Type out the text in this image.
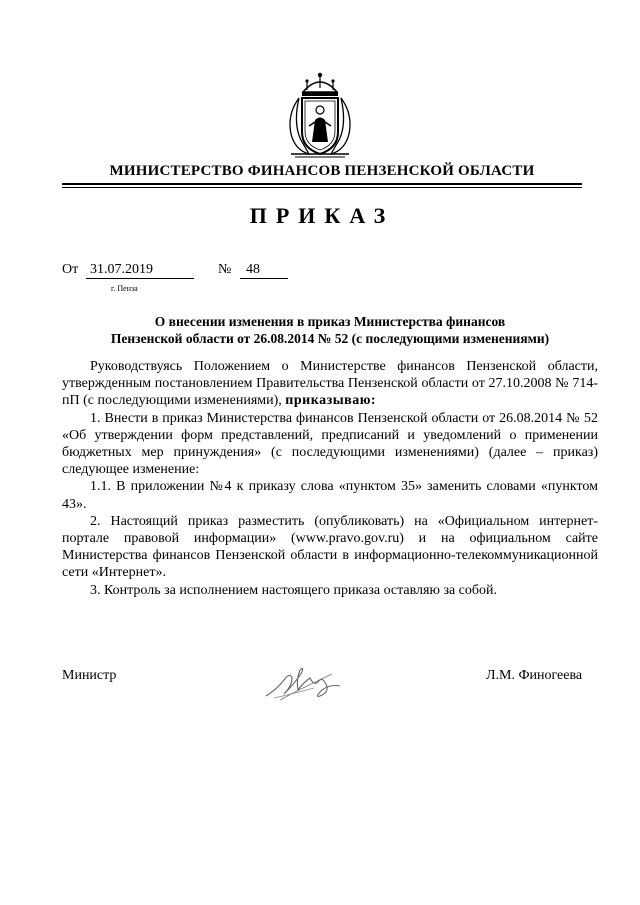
МИНИСТЕРСТВО ФИНАНСОВ ПЕНЗЕНСКОЙ ОБЛАСТИ
ПРИКАЗ
От 31.07.2019	№	48
г. Пенза
О внесении изменения в приказ Министерства финансов
Пензенской области от 26.08.2014 № 52 (с последующими изменениями)

Руководствуясь Положением о Министерстве финансов Пензенской области, утвержденным постановлением Правительства Пензенской области от 27.10.2008 № 714-пП (с последующими изменениями), приказываю:

1. Внести в приказ Министерства финансов Пензенской области от 26.08.2014 № 52 «Об утверждении форм представлений, предписаний и уведомлений о применении бюджетных мер принуждения» (с последующими изменениями) (далее – приказ) следующее изменение:

1.1. В приложении №4 к приказу слова «пунктом 35» заменить словами «пунктом 43».

2. Настоящий приказ разместить (опубликовать) на «Официальном интернет-портале правовой информации» (www.pravo.gov.ru) и на официальном сайте Министерства финансов Пензенской области в информационно-телекоммуникационной сети «Интернет».

3. Контроль за исполнением настоящего приказа оставляю за собой.

Министр	Л.М. Финогеева
